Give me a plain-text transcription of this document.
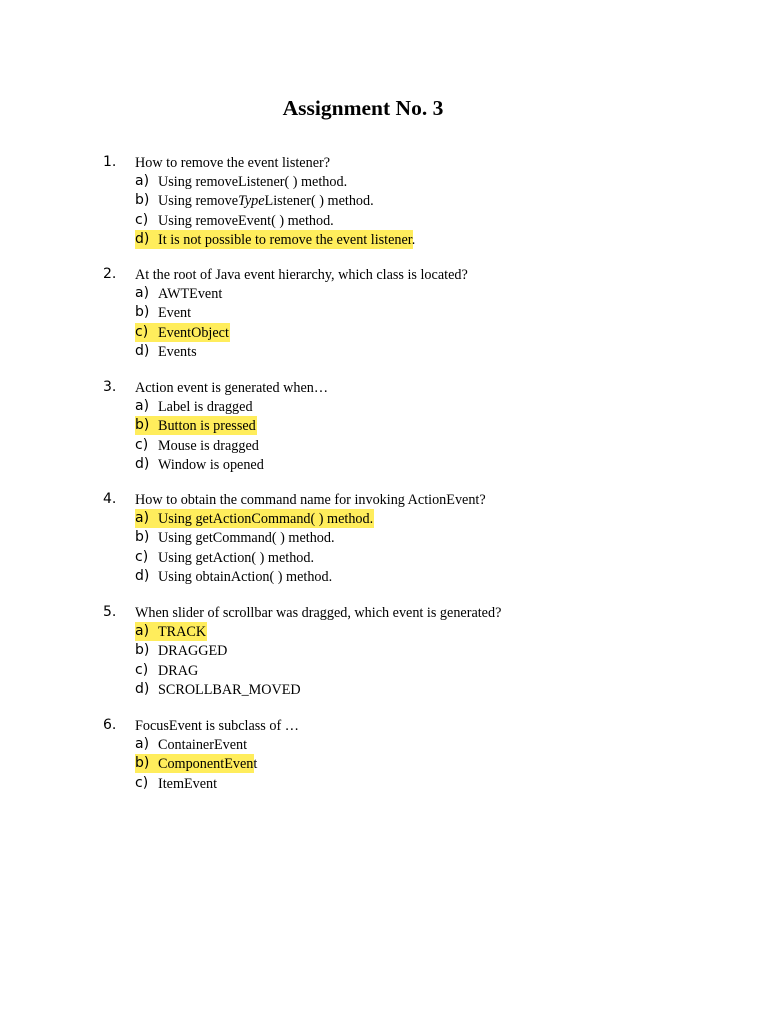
Assignment No. 3
1. How to remove the event listener?
a) Using removeListener( ) method.
b) Using removeTypeListener( ) method.
c) Using removeEvent( ) method.
d) It is not possible to remove the event listener.
2. At the root of Java event hierarchy, which class is located?
a) AWTEvent
b) Event
c) EventObject
d) Events
3. Action event is generated when…
a) Label is dragged
b) Button is pressed
c) Mouse is dragged
d) Window is opened
4. How to obtain the command name for invoking ActionEvent?
a) Using getActionCommand( ) method.
b) Using getCommand( ) method.
c) Using getAction( ) method.
d) Using obtainAction( ) method.
5. When slider of scrollbar was dragged, which event is generated?
a) TRACK
b) DRAGGED
c) DRAG
d) SCROLLBAR_MOVED
6. FocusEvent is subclass of …
a) ContainerEvent
b) ComponentEvent
c) ItemEvent
